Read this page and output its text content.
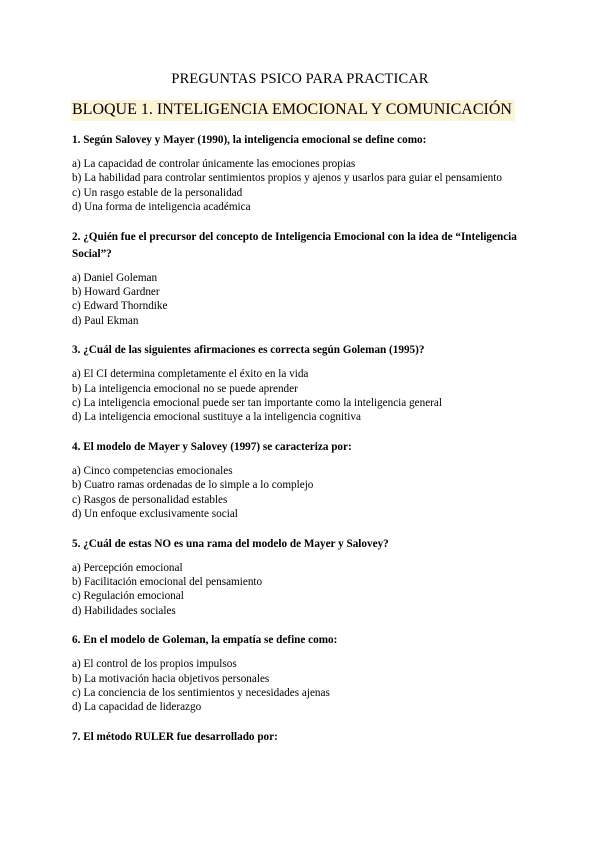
PREGUNTAS PSICO PARA PRACTICAR
BLOQUE 1. INTELIGENCIA EMOCIONAL Y COMUNICACIÓN
1. Según Salovey y Mayer (1990), la inteligencia emocional se define como:
a) La capacidad de controlar únicamente las emociones propias
b) La habilidad para controlar sentimientos propios y ajenos y usarlos para guiar el pensamiento
c) Un rasgo estable de la personalidad
d) Una forma de inteligencia académica
2. ¿Quién fue el precursor del concepto de Inteligencia Emocional con la idea de “Inteligencia Social”?
a) Daniel Goleman
b) Howard Gardner
c) Edward Thorndike
d) Paul Ekman
3. ¿Cuál de las siguientes afirmaciones es correcta según Goleman (1995)?
a) El CI determina completamente el éxito en la vida
b) La inteligencia emocional no se puede aprender
c) La inteligencia emocional puede ser tan importante como la inteligencia general
d) La inteligencia emocional sustituye a la inteligencia cognitiva
4. El modelo de Mayer y Salovey (1997) se caracteriza por:
a) Cinco competencias emocionales
b) Cuatro ramas ordenadas de lo simple a lo complejo
c) Rasgos de personalidad estables
d) Un enfoque exclusivamente social
5. ¿Cuál de estas NO es una rama del modelo de Mayer y Salovey?
a) Percepción emocional
b) Facilitación emocional del pensamiento
c) Regulación emocional
d) Habilidades sociales
6. En el modelo de Goleman, la empatía se define como:
a) El control de los propios impulsos
b) La motivación hacia objetivos personales
c) La conciencia de los sentimientos y necesidades ajenas
d) La capacidad de liderazgo
7. El método RULER fue desarrollado por:
